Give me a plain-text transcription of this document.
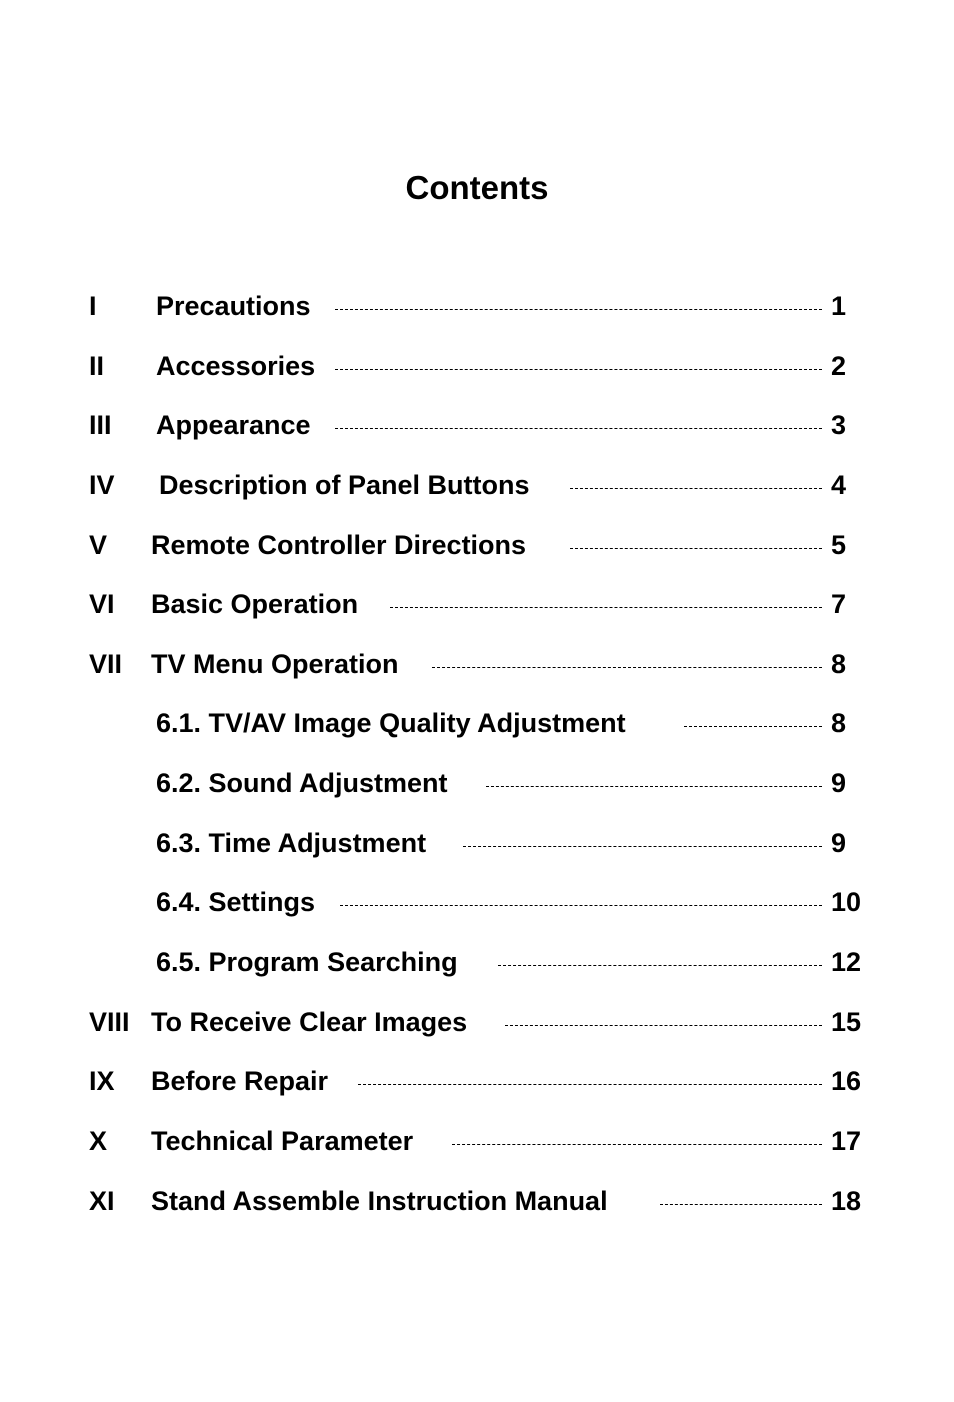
Contents
I Precautions	1
II Accessories	2
III Appearance	3
IV Description of Panel Buttons	4
V Remote Controller Directions	5
VI Basic Operation	7
VII TV Menu Operation	8
6.1. TV/AV Image Quality Adjustment	8
6.2. Sound Adjustment	9
6.3. Time Adjustment	9
6.4. Settings	10
6.5. Program Searching	12
VIII To Receive Clear Images	15
IX Before Repair	16
X Technical Parameter	17
XI Stand Assemble Instruction Manual	18
